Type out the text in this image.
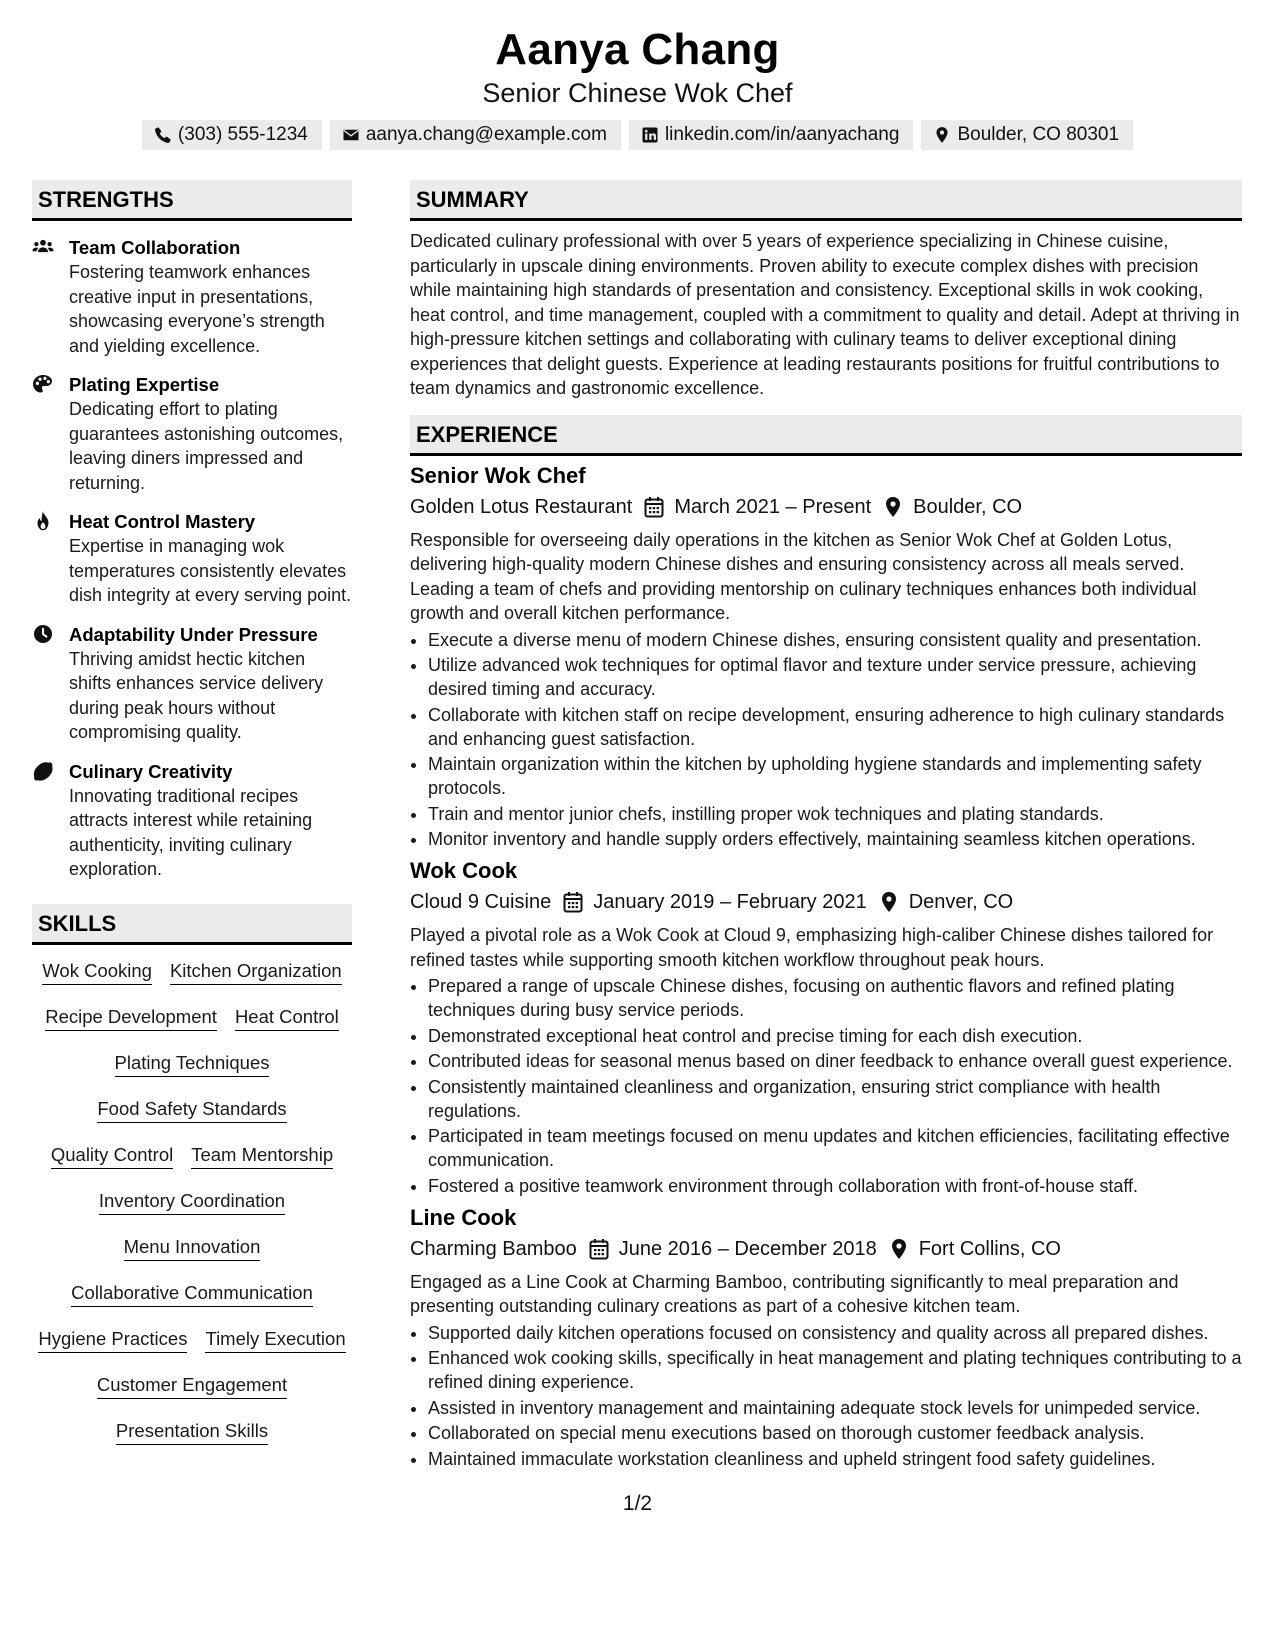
Aanya Chang
Senior Chinese Wok Chef
(303) 555-1234	aanya.chang@example.com	linkedin.com/in/aanyachang	Boulder, CO 80301
STRENGTHS
Team Collaboration
Fostering teamwork enhances creative input in presentations, showcasing everyone’s strength and yielding excellence.
Plating Expertise
Dedicating effort to plating guarantees astonishing outcomes, leaving diners impressed and returning.
Heat Control Mastery
Expertise in managing wok temperatures consistently elevates dish integrity at every serving point.
Adaptability Under Pressure
Thriving amidst hectic kitchen shifts enhances service delivery during peak hours without compromising quality.
Culinary Creativity
Innovating traditional recipes attracts interest while retaining authenticity, inviting culinary exploration.
SKILLS
Wok Cooking Kitchen Organization
Recipe Development Heat Control
Plating Techniques
Food Safety Standards
Quality Control Team Mentorship
Inventory Coordination
Menu Innovation
Collaborative Communication
Hygiene Practices Timely Execution
Customer Engagement
Presentation Skills
SUMMARY
Dedicated culinary professional with over 5 years of experience specializing in Chinese cuisine, particularly in upscale dining environments. Proven ability to execute complex dishes with precision while maintaining high standards of presentation and consistency. Exceptional skills in wok cooking, heat control, and time management, coupled with a commitment to quality and detail. Adept at thriving in high-pressure kitchen settings and collaborating with culinary teams to deliver exceptional dining experiences that delight guests. Experience at leading restaurants positions for fruitful contributions to team dynamics and gastronomic excellence.
EXPERIENCE
Senior Wok Chef
Golden Lotus Restaurant March 2021 – Present Boulder, CO
Responsible for overseeing daily operations in the kitchen as Senior Wok Chef at Golden Lotus, delivering high-quality modern Chinese dishes and ensuring consistency across all meals served. Leading a team of chefs and providing mentorship on culinary techniques enhances both individual growth and overall kitchen performance.
• Execute a diverse menu of modern Chinese dishes, ensuring consistent quality and presentation.
• Utilize advanced wok techniques for optimal flavor and texture under service pressure, achieving desired timing and accuracy.
• Collaborate with kitchen staff on recipe development, ensuring adherence to high culinary standards and enhancing guest satisfaction.
• Maintain organization within the kitchen by upholding hygiene standards and implementing safety protocols.
• Train and mentor junior chefs, instilling proper wok techniques and plating standards.
• Monitor inventory and handle supply orders effectively, maintaining seamless kitchen operations.
Wok Cook
Cloud 9 Cuisine January 2019 – February 2021 Denver, CO
Played a pivotal role as a Wok Cook at Cloud 9, emphasizing high-caliber Chinese dishes tailored for refined tastes while supporting smooth kitchen workflow throughout peak hours.
• Prepared a range of upscale Chinese dishes, focusing on authentic flavors and refined plating techniques during busy service periods.
• Demonstrated exceptional heat control and precise timing for each dish execution.
• Contributed ideas for seasonal menus based on diner feedback to enhance overall guest experience.
• Consistently maintained cleanliness and organization, ensuring strict compliance with health regulations.
• Participated in team meetings focused on menu updates and kitchen efficiencies, facilitating effective communication.
• Fostered a positive teamwork environment through collaboration with front-of-house staff.
Line Cook
Charming Bamboo June 2016 – December 2018 Fort Collins, CO
Engaged as a Line Cook at Charming Bamboo, contributing significantly to meal preparation and presenting outstanding culinary creations as part of a cohesive kitchen team.
• Supported daily kitchen operations focused on consistency and quality across all prepared dishes.
• Enhanced wok cooking skills, specifically in heat management and plating techniques contributing to a refined dining experience.
• Assisted in inventory management and maintaining adequate stock levels for unimpeded service.
• Collaborated on special menu executions based on thorough customer feedback analysis.
• Maintained immaculate workstation cleanliness and upheld stringent food safety guidelines.
1/2
